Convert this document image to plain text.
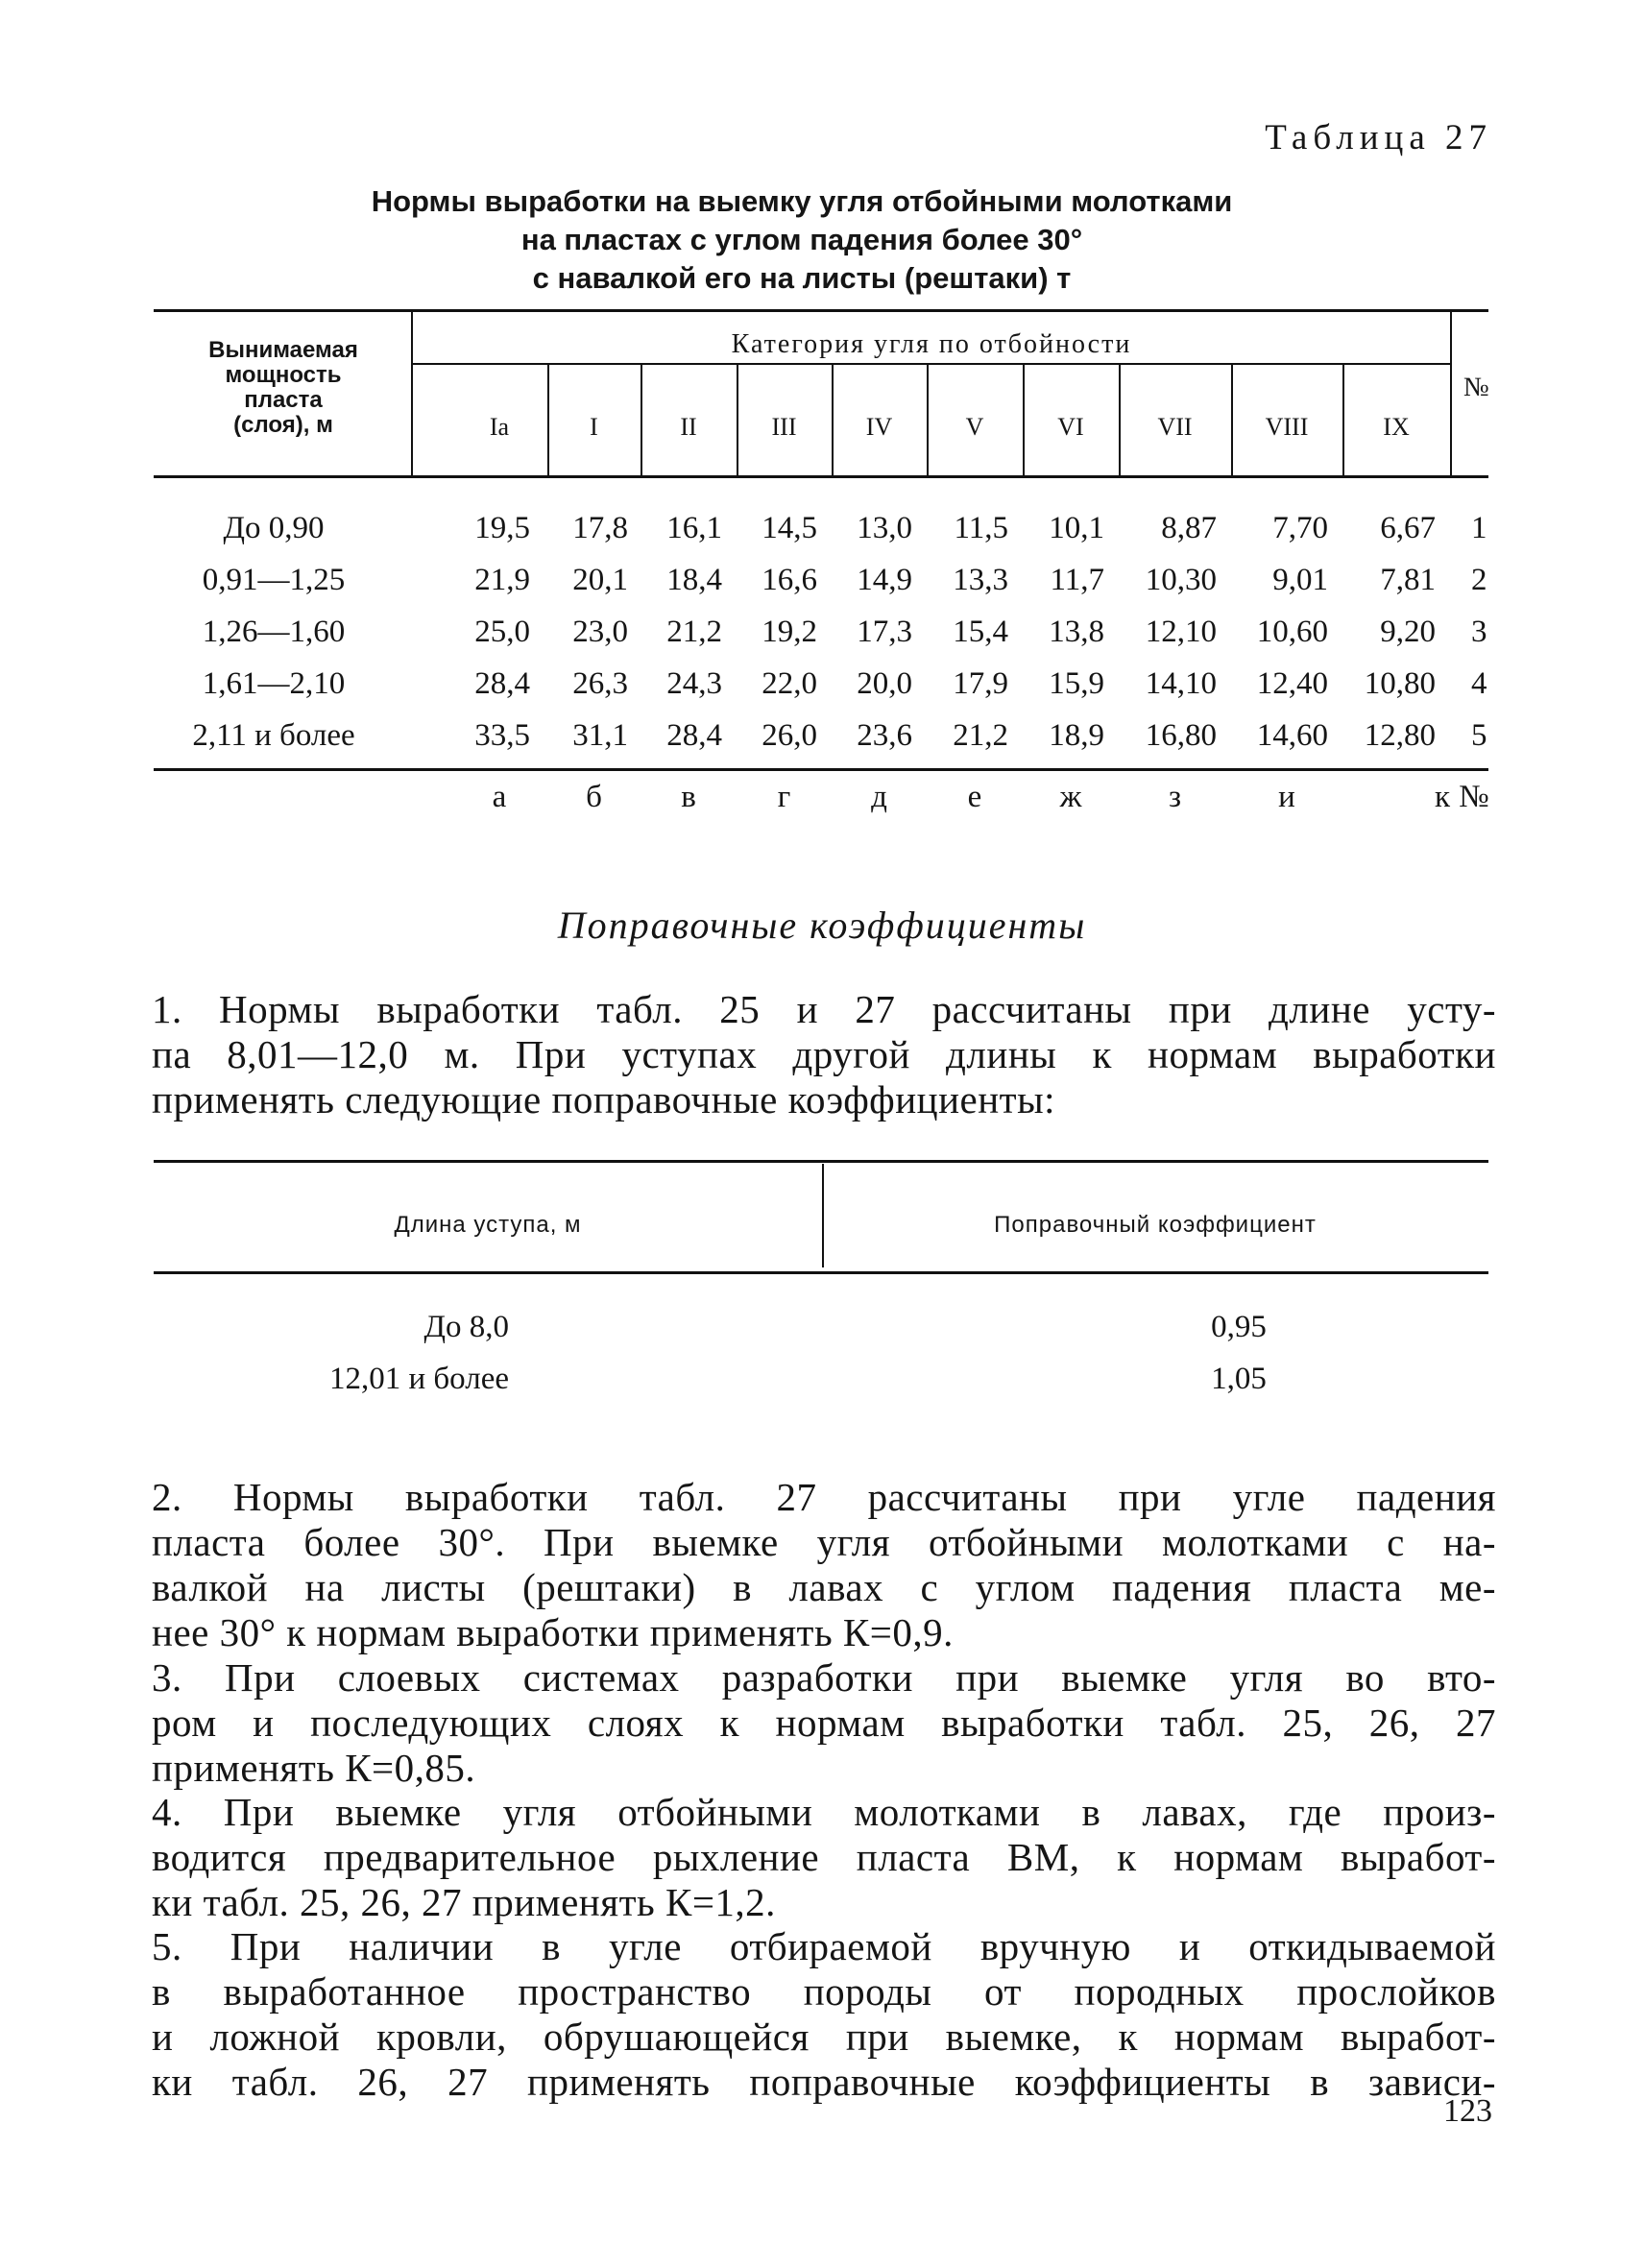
Таблица 27
Нормы выработки на выемку угля отбойными молотками
на пластах с углом падения более 30°
с навалкой его на листы (рештаки) т
Вынимаемая
мощность
пласта
(слоя), м
Категория угля по отбойности
№
Ia	I	II	III	IV	V	VI	VII	VIII	IX
До 0,90	19,5	17,8	16,1	14,5	13,0	11,5	10,1	8,87	7,70	6,67 1
0,91—1,25	21,9	20,1	18,4	16,6	14,9	13,3	11,7	10,30	9,01	7,81 2
1,26—1,60	25,0	23,0	21,2	19,2	17,3	15,4	13,8	12,10	10,60	9,20 3
1,61—2,10	28,4	26,3	24,3	22,0	20,0	17,9	15,9	14,10	12,40	10,80 4
2,11 и более	33,5	31,1	28,4	26,0	23,6	21,2	18,9	16,80	14,60	12,80 5
а	б	в	г	д	е	ж	з	и	к №
Поправочные коэффициенты
1. Нормы выработки табл. 25 и 27 рассчитаны при длине усту-
па 8,01—12,0 м. При уступах другой длины к нормам выработки
применять следующие поправочные коэффициенты:
Длина уступа, м	Поправочный коэффициент
До 8,0	0,95
12,01 и более	1,05
2. Нормы выработки табл. 27 рассчитаны при угле падения
пласта более 30°. При выемке угля отбойными молотками с на-
валкой на листы (рештаки) в лавах с углом падения пласта ме-
нее 30° к нормам выработки применять К=0,9.
3. При слоевых системах разработки при выемке угля во вто-
ром и последующих слоях к нормам выработки табл. 25, 26, 27
применять К=0,85.
4. При выемке угля отбойными молотками в лавах, где произ-
водится предварительное рыхление пласта ВМ, к нормам выработ-
ки табл. 25, 26, 27 применять К=1,2.
5. При наличии в угле отбираемой вручную и откидываемой
в выработанное пространство породы от породных прослойков
и ложной кровли, обрушающейся при выемке, к нормам выработ-
ки табл. 26, 27 применять поправочные коэффициенты в зависи-
123
